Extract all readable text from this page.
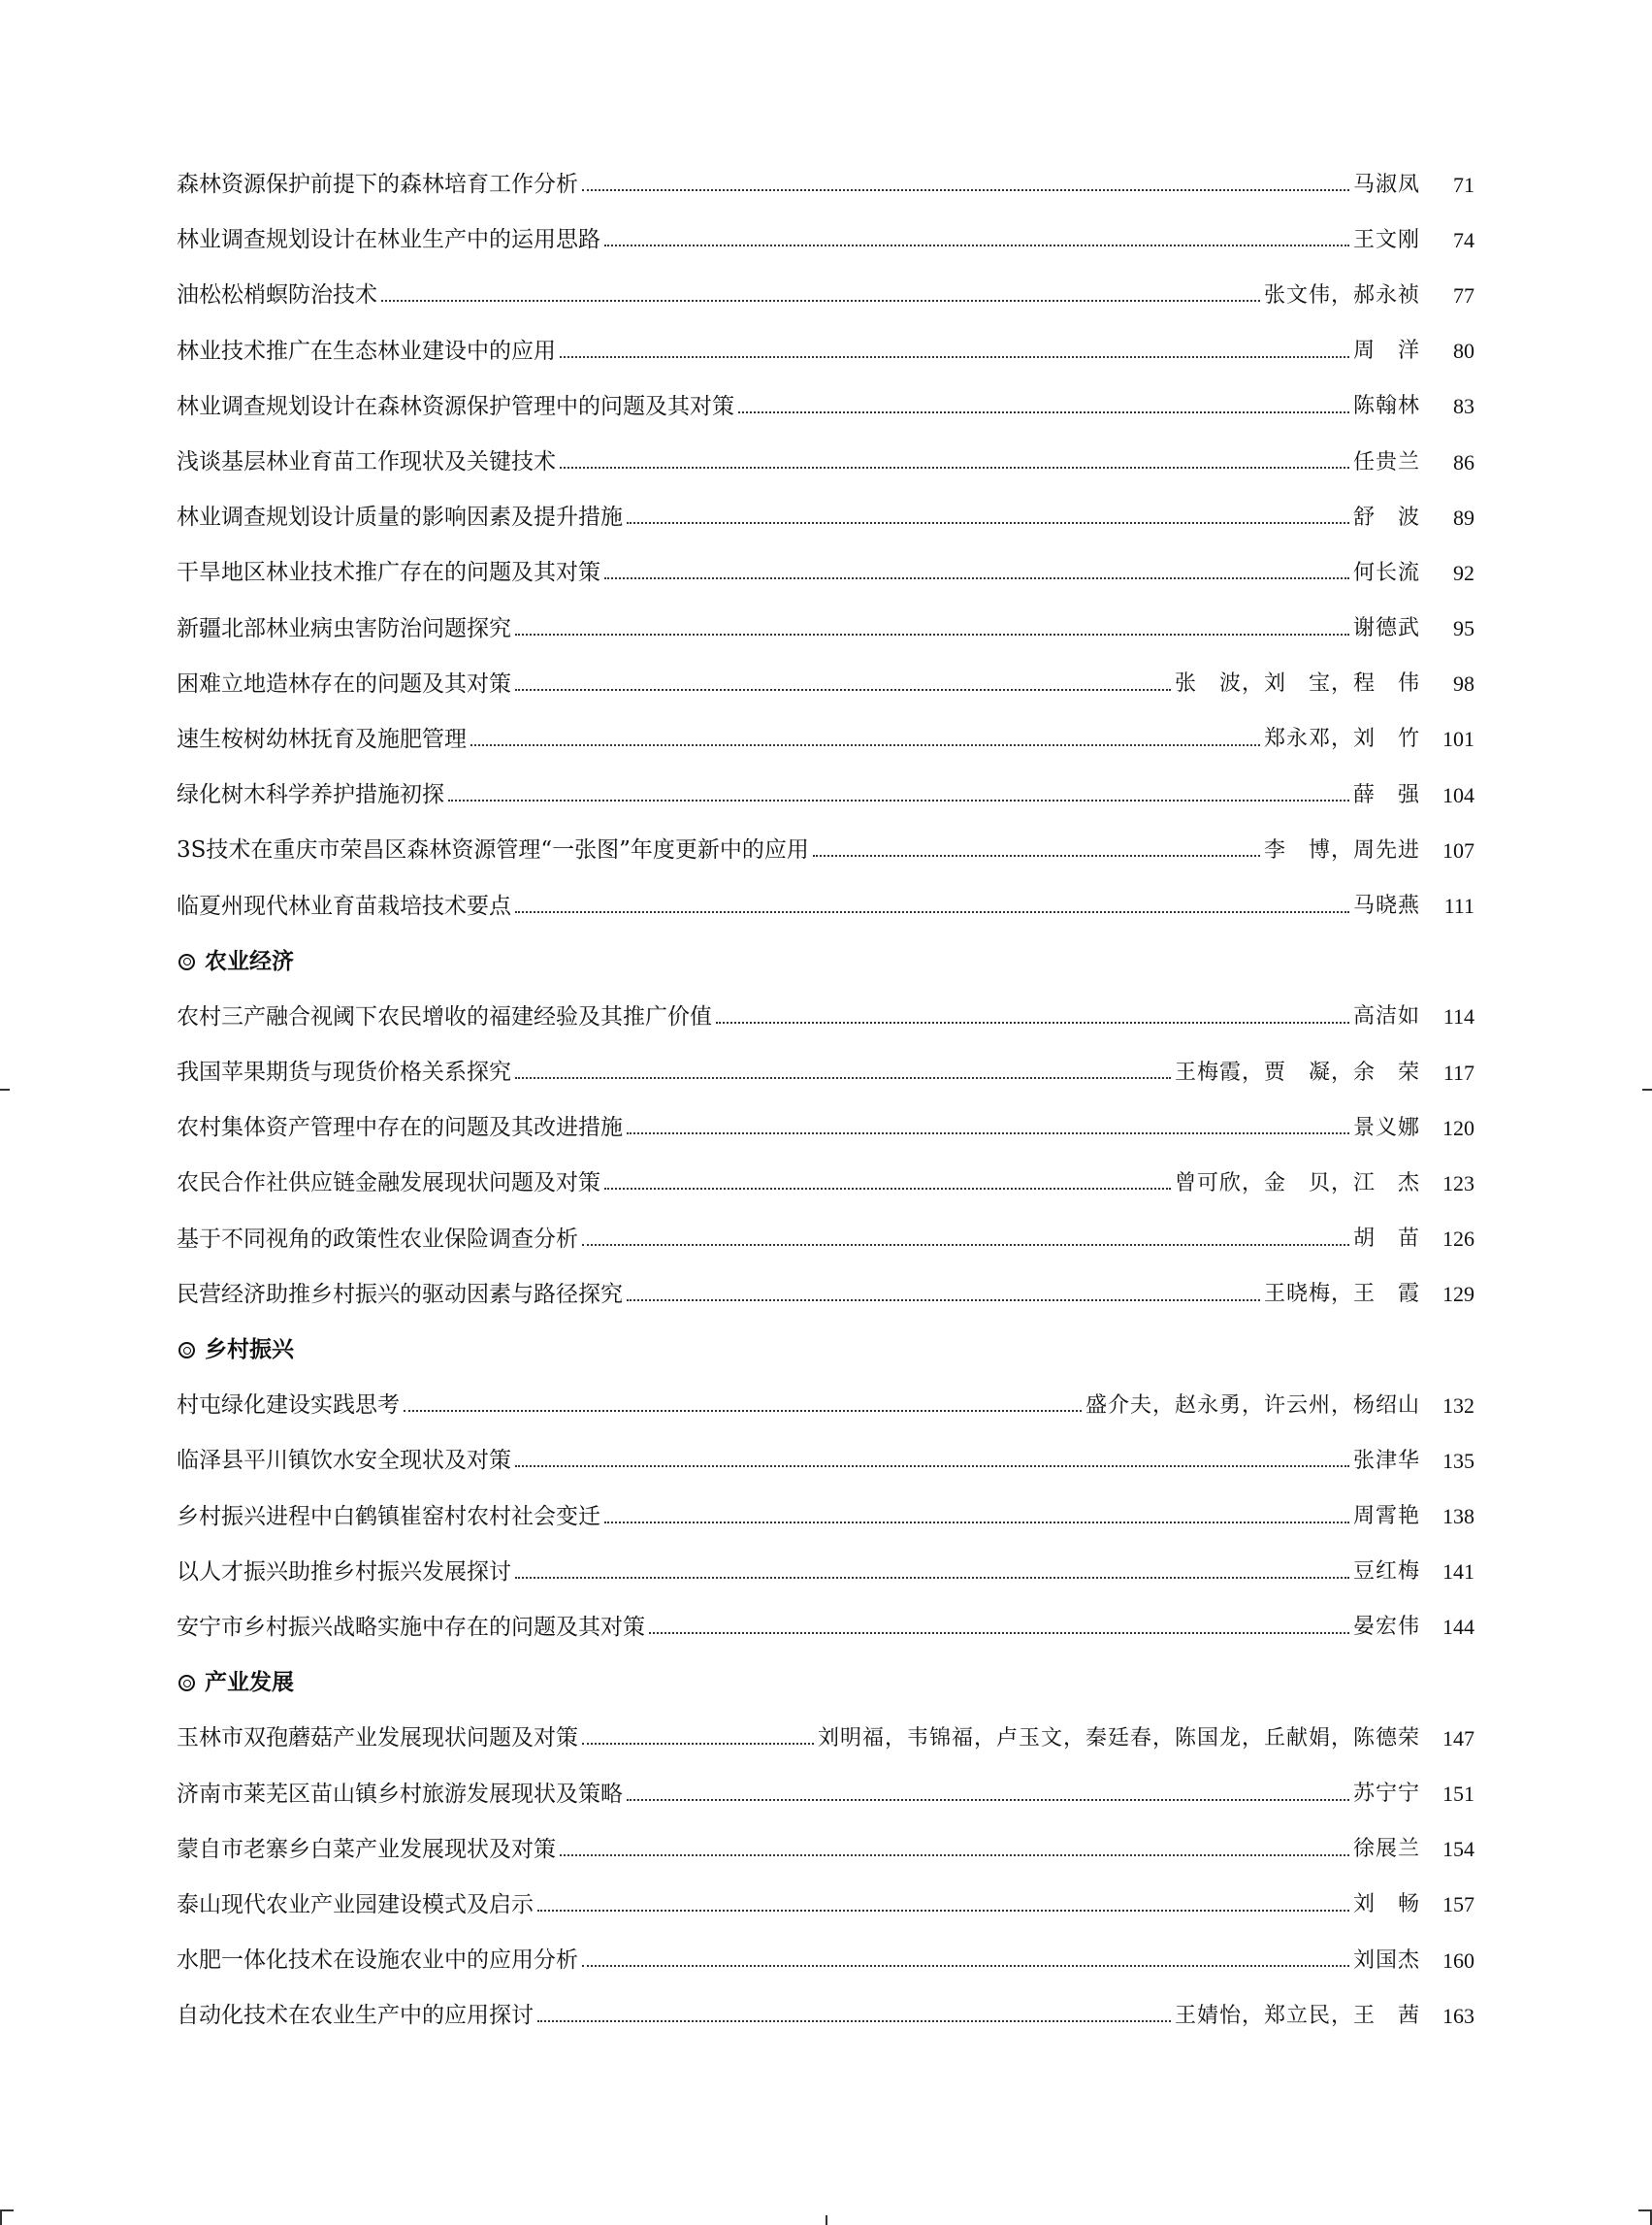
森林资源保护前提下的森林培育工作分析	马淑凤	71
林业调查规划设计在林业生产中的运用思路	王文刚	74
油松松梢螟防治技术	张文伟，郝永祯	77
林业技术推广在生态林业建设中的应用	周　洋	80
林业调查规划设计在森林资源保护管理中的问题及其对策	陈翰林	83
浅谈基层林业育苗工作现状及关键技术	任贵兰	86
林业调查规划设计质量的影响因素及提升措施	舒　波	89
干旱地区林业技术推广存在的问题及其对策	何长流	92
新疆北部林业病虫害防治问题探究	谢德武	95
困难立地造林存在的问题及其对策	张　波，刘　宝，程　伟	98
速生桉树幼林抚育及施肥管理	郑永邓，刘　竹	101
绿化树木科学养护措施初探	薛　强	104
3S技术在重庆市荣昌区森林资源管理“一张图”年度更新中的应用	李　博，周先进	107
临夏州现代林业育苗栽培技术要点	马晓燕	111
农业经济
农村三产融合视阈下农民增收的福建经验及其推广价值	高洁如	114
我国苹果期货与现货价格关系探究	王梅霞，贾　凝，余　荣	117
农村集体资产管理中存在的问题及其改进措施	景义娜	120
农民合作社供应链金融发展现状问题及对策	曾可欣，金　贝，江　杰	123
基于不同视角的政策性农业保险调查分析	胡　苗	126
民营经济助推乡村振兴的驱动因素与路径探究	王晓梅，王　霞	129
乡村振兴
村屯绿化建设实践思考	盛介夫，赵永勇，许云州，杨绍山	132
临泽县平川镇饮水安全现状及对策	张津华	135
乡村振兴进程中白鹤镇崔窑村农村社会变迁	周霄艳	138
以人才振兴助推乡村振兴发展探讨	豆红梅	141
安宁市乡村振兴战略实施中存在的问题及其对策	晏宏伟	144
产业发展
玉林市双孢蘑菇产业发展现状问题及对策	刘明福，韦锦福，卢玉文，秦廷春，陈国龙，丘献娟，陈德荣	147
济南市莱芜区苗山镇乡村旅游发展现状及策略	苏宁宁	151
蒙自市老寨乡白菜产业发展现状及对策	徐展兰	154
泰山现代农业产业园建设模式及启示	刘　畅	157
水肥一体化技术在设施农业中的应用分析	刘国杰	160
自动化技术在农业生产中的应用探讨	王婧怡，郑立民，王　茜	163
